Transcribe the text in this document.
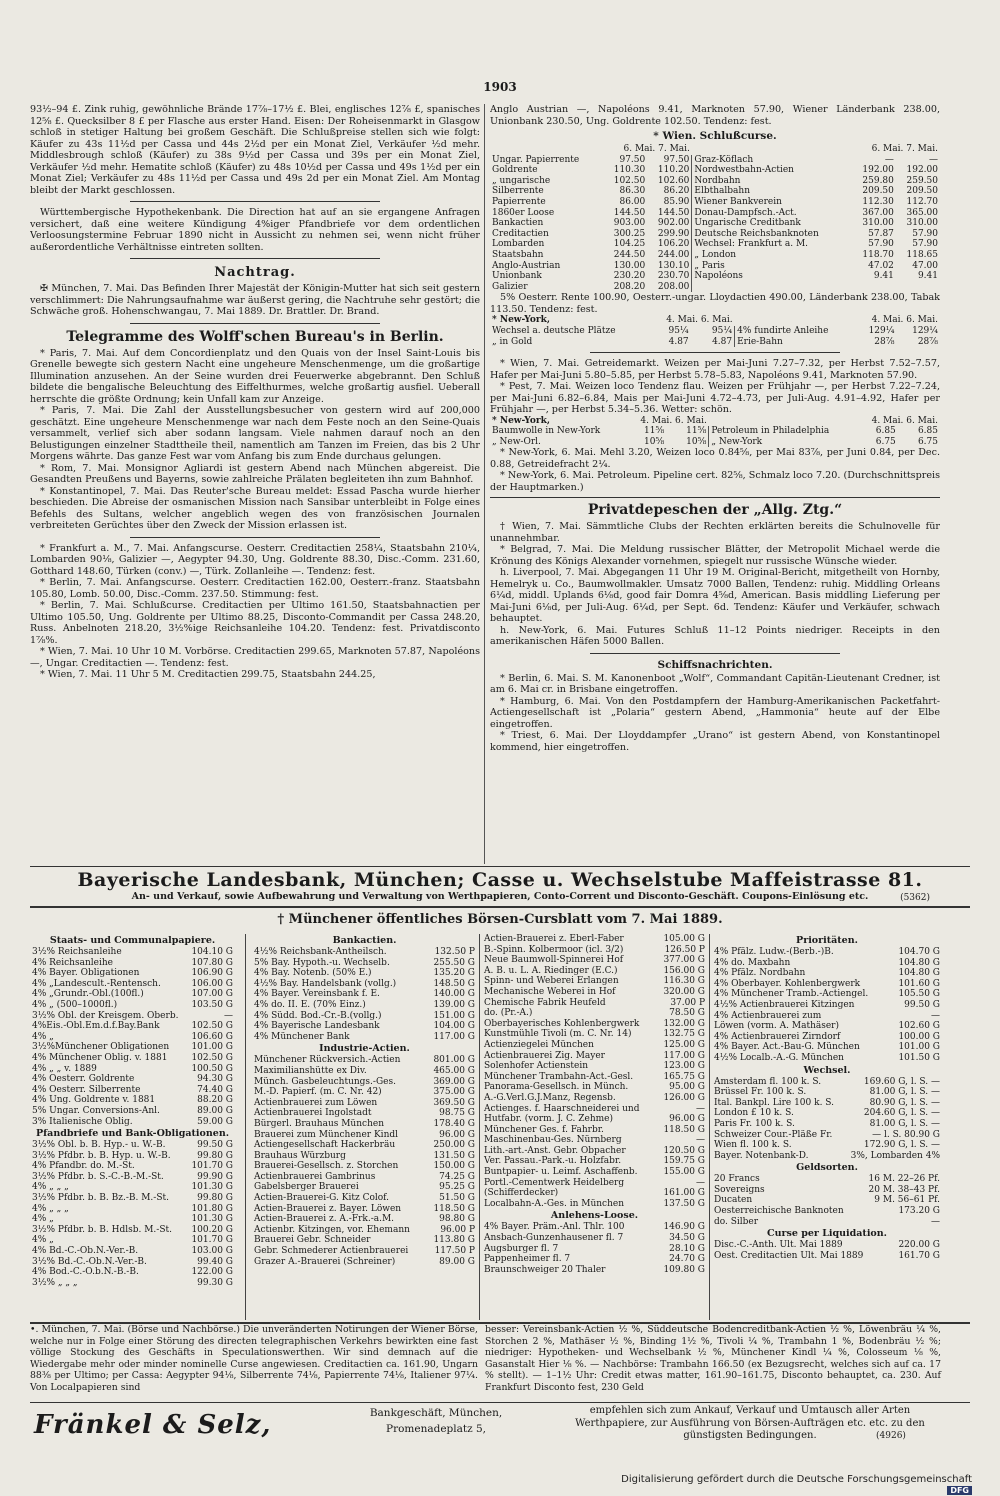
1903

93½–94 £. Zink ruhig, gewöhnliche Brände 17⅞–17½ £. Blei, englisches 12⅞ £, spanisches 12⅝ £. Quecksilber 8 £ per Flasche aus erster Hand. Eisen: Der Roheisenmarkt in Glasgow schloß in stetiger Haltung bei großem Geschäft. Die Schlußpreise stellen sich wie folgt: Käufer zu 43s 11½d per Cassa und 44s 2½d per ein Monat Ziel, Verkäufer ½d mehr. Middlesbrough schloß (Käufer) zu 38s 9½d per Cassa und 39s per ein Monat Ziel, Verkäufer ½d mehr. Hematite schloß (Käufer) zu 48s 10½d per Cassa und 49s 1½d per ein Monat Ziel; Verkäufer zu 48s 11½d per Cassa und 49s 2d per ein Monat Ziel. Am Montag bleibt der Markt geschlossen.

Württembergische Hypothekenbank. Die Direction hat auf an sie ergangene Anfragen versichert, daß eine weitere Kündigung 4%iger Pfandbriefe vor dem ordentlichen Verloosungstermine Februar 1890 nicht in Aussicht zu nehmen sei, wenn nicht früher außerordentliche Verhältnisse eintreten sollten.

Nachtrag.

✠ München, 7. Mai. Das Befinden Ihrer Majestät der Königin-Mutter hat sich seit gestern verschlimmert: Die Nahrungsaufnahme war äußerst gering, die Nachtruhe sehr gestört; die Schwäche groß. Hohenschwangau, 7. Mai 1889. Dr. Brattler. Dr. Brand.

Telegramme des Wolff'schen Bureau's in Berlin.

* Paris, 7. Mai. Auf dem Concordienplatz und den Quais von der Insel Saint-Louis bis Grenelle bewegte sich gestern Nacht eine ungeheure Menschenmenge, um die großartige Illumination anzusehen. An der Seine wurden drei Feuerwerke abgebrannt. Den Schluß bildete die bengalische Beleuchtung des Eiffelthurmes, welche großartig ausfiel. Ueberall herrschte die größte Ordnung; kein Unfall kam zur Anzeige.

* Paris, 7. Mai. Die Zahl der Ausstellungsbesucher von gestern wird auf 200,000 geschätzt. Eine ungeheure Menschenmenge war nach dem Feste noch an den Seine-Quais versammelt, verlief sich aber sodann langsam. Viele nahmen darauf noch an den Belustigungen einzelner Stadttheile theil, namentlich am Tanzen im Freien, das bis 2 Uhr Morgens währte. Das ganze Fest war vom Anfang bis zum Ende durchaus gelungen.

* Rom, 7. Mai. Monsignor Agliardi ist gestern Abend nach München abgereist. Die Gesandten Preußens und Bayerns, sowie zahlreiche Prälaten begleiteten ihn zum Bahnhof.

* Konstantinopel, 7. Mai. Das Reuter'sche Bureau meldet: Essad Pascha wurde hierher beschieden. Die Abreise der osmanischen Mission nach Sansibar unterbleibt in Folge eines Befehls des Sultans, welcher angeblich wegen des von französischen Journalen verbreiteten Gerüchtes über den Zweck der Mission erlassen ist.

* Frankfurt a. M., 7. Mai. Anfangscurse. Oesterr. Creditactien 258¼, Staatsbahn 210¼, Lombarden 90⅛, Galizier —, Aegypter 94.30, Ung. Goldrente 88.30, Disc.-Comm. 231.60, Gotthard 148.60, Türken (conv.) —, Türk. Zollanleihe —. Tendenz: fest.

* Berlin, 7. Mai. Anfangscurse. Oesterr. Creditactien 162.00, Oesterr.-franz. Staatsbahn 105.80, Lomb. 50.00, Disc.-Comm. 237.50. Stimmung: fest.

* Berlin, 7. Mai. Schlußcurse. Creditactien per Ultimo 161.50, Staatsbahnactien per Ultimo 105.50, Ung. Goldrente per Ultimo 88.25, Disconto-Commandit per Cassa 248.20, Russ. Anbelnoten 218.20, 3½%ige Reichsanleihe 104.20. Tendenz: fest. Privatdisconto 1⅞%.

* Wien, 7. Mai. 10 Uhr 10 M. Vorbörse. Creditactien 299.65, Marknoten 57.87, Napoléons —, Ungar. Creditactien —. Tendenz: fest.

* Wien, 7. Mai. 11 Uhr 5 M. Creditactien 299.75, Staatsbahn 244.25,

Anglo Austrian —, Napoléons 9.41, Marknoten 57.90, Wiener Länderbank 238.00, Unionbank 230.50, Ung. Goldrente 102.50. Tendenz: fest.

* Wien. Schlußcurse.
	6. Mai. 7. Mai.			6. Mai. 7. Mai.	
Ungar. Papierrente	97.50	97.50	Graz-Köflach	—	—
Goldrente	110.30	110.20	Nordwestbahn-Actien	192.00	192.00
„ ungarische	102.50	102.60	Nordbahn	259.80	259.50
Silberrente	86.30	86.20	Elbthalbahn	209.50	209.50
Papierrente	86.00	85.90	Wiener Bankverein	112.30	112.70
1860er Loose	144.50	144.50	Donau-Dampfsch.-Act.	367.00	365.00
Bankactien	903.00	902.00	Ungarische Creditbank	310.00	310.00
Creditactien	300.25	299.90	Deutsche Reichsbanknoten	57.87	57.90
Lombarden	104.25	106.20	Wechsel: Frankfurt a. M.	57.90	57.90
Staatsbahn	244.50	244.00	„ London	118.70	118.65
Anglo-Austrian	130.00	130.10	„ Paris	47.02	47.00
Unionbank	230.20	230.70	Napoléons	9.41	9.41
Galizier	208.20	208.00			

5% Oesterr. Rente 100.90, Oesterr.-ungar. Lloydactien 490.00, Länderbank 238.00, Tabak 113.50. Tendenz: fest.

* New-York,	4. Mai. 6. Mai.			4. Mai. 6. Mai.	
Wechsel a. deutsche Plätze	95¼	95¼	4% fundirte Anleihe	129¼	129¼
„ in Gold	4.87	4.87	Erie-Bahn	28⅞	28⅞

* Wien, 7. Mai. Getreidemarkt. Weizen per Mai-Juni 7.27–7.32, per Herbst 7.52–7.57, Hafer per Mai-Juni 5.80–5.85, per Herbst 5.78–5.83, Napoléons 9.41, Marknoten 57.90.

* Pest, 7. Mai. Weizen loco Tendenz flau. Weizen per Frühjahr —, per Herbst 7.22–7.24, per Mai-Juni 6.82–6.84, Mais per Mai-Juni 4.72–4.73, per Juli-Aug. 4.91–4.92, Hafer per Frühjahr —, per Herbst 5.34–5.36. Wetter: schön.

* New-York,	4. Mai. 6. Mai.			4. Mai. 6. Mai.	
Baumwolle in New-York	11⅝	11⅝	Petroleum in Philadelphia	6.85	6.85
„ New-Orl.	10⅝	10⅝	„ New-York	6.75	6.75

* New-York, 6. Mai. Mehl 3.20, Weizen loco 0.84⅝, per Mai 83⅞, per Juni 0.84, per Dec. 0.88, Getreidefracht 2¼.

* New-York, 6. Mai. Petroleum. Pipeline cert. 82⅝, Schmalz loco 7.20. (Durchschnittspreis der Hauptmarken.)

Privatdepeschen der „Allg. Ztg.“

† Wien, 7. Mai. Sämmtliche Clubs der Rechten erklärten bereits die Schulnovelle für unannehmbar.

* Belgrad, 7. Mai. Die Meldung russischer Blätter, der Metropolit Michael werde die Krönung des Königs Alexander vornehmen, spiegelt nur russische Wünsche wieder.

h. Liverpool, 7. Mai. Abgegangen 11 Uhr 19 M. Original-Bericht, mitgetheilt von Hornby, Hemelryk u. Co., Baumwollmakler. Umsatz 7000 Ballen, Tendenz: ruhig. Middling Orleans 6¼d, middl. Uplands 6⅛d, good fair Domra 4⅝d, American. Basis middling Lieferung per Mai-Juni 6⅛d, per Juli-Aug. 6¼d, per Sept. 6d. Tendenz: Käufer und Verkäufer, schwach behauptet.

h. New-York, 6. Mai. Futures Schluß 11–12 Points niedriger. Receipts in den amerikanischen Häfen 5000 Ballen.

Schiffsnachrichten.

* Berlin, 6. Mai. S. M. Kanonenboot „Wolf“, Commandant Capitän-Lieutenant Credner, ist am 6. Mai cr. in Brisbane eingetroffen.

* Hamburg, 6. Mai. Von den Postdampfern der Hamburg-Amerikanischen Packetfahrt-Actiengesellschaft ist „Polaria“ gestern Abend, „Hammonia“ heute auf der Elbe eingetroffen.

* Triest, 6. Mai. Der Lloyddampfer „Urano“ ist gestern Abend, von Konstantinopel kommend, hier eingetroffen.

Bayerische Landesbank, München; Casse u. Wechselstube Maffeistrasse 81.
An- und Verkauf, sowie Aufbewahrung und Verwaltung von Werthpapieren, Conto-Corrent und Disconto-Geschäft. Coupons-Einlösung etc.	(5362)
† Münchener öffentliches Börsen-Cursblatt vom 7. Mai 1889.
Staats- und Communalpapiere.
3½% Reichsanleihe	104.10 G
4% Reichsanleihe	107.80 G
4% Bayer. Obligationen	106.90 G
4% „Landescult.-Rentensch.	106.00 G
4% „Grundr.-Obl.(100fl.)	107.00 G
4% „ (500–1000fl.)	103.50 G
3½% Obl. der Kreisgem. Oberb.	—
4%Eis.-Obl.Em.d.f.Bay.Bank	102.50 G
4% „	106.60 G
3½%Münchener Obligationen	101.00 G
4% Münchener Oblig. v. 1881	102.50 G
4% „ „ v. 1889	100.50 G
4% Oesterr. Goldrente	94.30 G
4% Oesterr. Silberrente	74.40 G
4% Ung. Goldrente v. 1881	88.20 G
5% Ungar. Conversions-Anl.	89.00 G
3% Italienische Oblig.	59.00 G
Pfandbriefe und Bank-Obligationen.
3½% Obl. b. B. Hyp.- u. W.-B.	99.50 G
3½% Pfdbr. b. B. Hyp. u. W.-B.	99.80 G
4% Pfandbr. do. M.-St.	101.70 G
3½% Pfdbr. b. S.-C.-B.-M.-St.	99.90 G
4% „ „ „	101.30 G
3½% Pfdbr. b. B. Bz.-B. M.-St.	99.80 G
4% „ „ „	101.80 G
4% „	101.30 G
3½% Pfdbr. b. B. Hdlsb. M.-St.	100.20 G
4% „	101.70 G
4% Bd.-C.-Ob.N.-Ver.-B.	103.00 G
3½% Bd.-C.-Ob.N.-Ver.-B.	99.40 G
4% Bod.-C.-O.b.N.-B.-B.	122.00 G
3½% „ „ „	99.30 G
Bankactien.
4½% Reichsbank-Antheilsch.	132.50 P
5% Bay. Hypoth.-u. Wechselb.	255.50 G
4% Bay. Notenb. (50% E.)	135.20 G
4½% Bay. Handelsbank (vollg.)	148.50 G
4% Bayer. Vereinsbank f. E.	140.00 G
4% do. II. E. (70% Einz.)	139.00 G
4% Südd. Bod.-Cr.-B.(vollg.)	151.00 G
4% Bayerische Landesbank	104.00 G
4% Münchener Bank	117.00 G
Industrie-Actien.
Münchener Rückversich.-Actien	801.00 G
Maximilianshütte ex Div.	465.00 G
Münch. Gasbeleuchtungs.-Ges.	369.00 G
M.-D. Papierf. (m. C. Nr. 42)	375.00 G
Actienbrauerei zum Löwen	369.50 G
Actienbrauerei Ingolstadt	98.75 G
Bürgerl. Brauhaus München	178.40 G
Brauerei zum Münchener Kindl	96.00 G
Actiengesellschaft Hackerbräu	250.00 G
Brauhaus Würzburg	131.50 G
Brauerei-Gesellsch. z. Storchen	150.00 G
Actienbrauerei Gambrinus	74.25 G
Gabelsberger Brauerei	95.25 G
Actien-Brauerei-G. Kitz Colof.	51.50 G
Actien-Brauerei z. Bayer. Löwen	118.50 G
Actien-Brauerei z. A.-Frk.-a.M.	98.80 G
Actienbr. Kitzingen, vor. Ehemann	96.00 P
Brauerei Gebr. Schneider	113.80 G
Gebr. Schmederer Actienbrauerei	117.50 P
Grazer A.-Brauerei (Schreiner)	89.00 G
Actien-Brauerei z. Eberl-Faber	105.00 G
B.-Spinn. Kolbermoor (icl. 3/2)	126.50 P
Neue Baumwoll-Spinnerei Hof	377.00 G
A. B. u. L. A. Riedinger (E.C.)	156.00 G
Spinn- und Weberei Erlangen	116.30 G
Mechanische Weberei in Hof	320.00 G
Chemische Fabrik Heufeld	37.00 P
do. (Pr.-A.)	78.50 G
Oberbayerisches Kohlenbergwerk	132.00 G
Kunstmühle Tivoli (m. C. Nr. 14)	132.75 G
Actienziegelei München	125.00 G
Actienbrauerei Zig. Mayer	117.00 G
Solenhofer Actienstein	123.00 G
Münchener Trambahn-Act.-Gesl.	165.75 G
Panorama-Gesellsch. in Münch.	95.00 G
A.-G.Verl.G.J.Manz, Regensb.	126.00 G
Actienges. f. Haarschneiderei und	—
Hutfabr. (vorm. J. C. Zehme)	96.00 G
Münchener Ges. f. Fahrbr.	118.50 G
Maschinenbau-Ges. Nürnberg	—
Lith.-art.-Anst. Gebr. Obpacher	120.50 G
Ver. Passau.-Park.-u. Holzfabr.	159.75 G
Buntpapier- u. Leimf. Aschaffenb.	155.00 G
Portl.-Cementwerk Heidelberg	—
(Schifferdecker)	161.00 G
Localbahn-A.-Ges. in München	137.50 G
Anlehens-Loose.
4% Bayer. Präm.-Anl. Thlr. 100	146.90 G
Ansbach-Gunzenhausener fl. 7	34.50 G
Augsburger fl. 7	28.10 G
Pappenheimer fl. 7	24.70 G
Braunschweiger 20 Thaler	109.80 G
Prioritäten.
4% Pfälz. Ludw.-(Berb.-)B.	104.70 G
4% do. Maxbahn	104.80 G
4% Pfälz. Nordbahn	104.80 G
4% Oberbayer. Kohlenbergwerk	101.60 G
4% Münchener Tramb.-Actiengel.	105.50 G
4½% Actienbrauerei Kitzingen	99.50 G
4% Actienbrauerei zum	—
Löwen (vorm. A. Mathäser)	102.60 G
4% Actienbrauerei Zirndorf	100.00 G
4% Bayer. Act.-Bau-G. München	101.00 G
4½% Localb.-A.-G. München	101.50 G
Wechsel.
Amsterdam fl. 100 k. S.	169.60 G, l. S. —
Brüssel Fr. 100 k. S.	81.00 G, l. S. —
Ital. Bankpl. Lire 100 k. S.	80.90 G, l. S. —
London £ 10 k. S.	204.60 G, l. S. —
Paris Fr. 100 k. S.	81.00 G, l. S. —
Schweizer Cour.-Pläße Fr.	— l. S. 80.90 G
Wien fl. 100 k. S.	172.90 G, l. S. —
Bayer. Notenbank-D.	3%, Lombarden 4%
Geldsorten.
20 Francs	16 M. 22–26 Pf.
Sovereigns	20 M. 38–43 Pf.
Ducaten	9 M. 56–61 Pf.
Oesterreichische Banknoten	173.20 G
do. Silber	—
Curse per Liquidation.
Disc.-C.-Anth. Ult. Mai 1889	220.00 G
Oest. Creditactien Ult. Mai 1889	161.70 G

•. München, 7. Mai. (Börse und Nachbörse.) Die unveränderten Notirungen der Wiener Börse, welche nur in Folge einer Störung des directen telegraphischen Verkehrs bewirkten eine fast völlige Stockung des Geschäfts in Speculationswerthen. Wir sind demnach auf die Wiedergabe mehr oder minder nominelle Curse angewiesen. Creditactien ca. 161.90, Ungarn 88⅜ per Ultimo; per Cassa: Aegypter 94⅛, Silberrente 74⅛, Papierrente 74⅛, Italiener 97¼. Von Localpapieren sind

besser: Vereinsbank-Actien ½ %, Süddeutsche Bodencreditbank-Actien ½ %, Löwenbräu ¼ %, Storchen 2 %, Mathäser ½ %, Binding 1½ %, Tivoli ¼ %, Trambahn 1 %, Bodenbräu ½ %; niedriger: Hypotheken- und Wechselbank ½ %, Münchener Kindl ¼ %, Colosseum ⅛ %, Gasanstalt Hier ⅛ %. — Nachbörse: Trambahn 166.50 (ex Bezugsrecht, welches sich auf ca. 17 % stellt). — 1–1½ Uhr: Credit etwas matter, 161.90–161.75, Disconto behauptet, ca. 230. Auf Frankfurt Disconto fest, 230 Geld

Fränkel & Selz,	Bankgeschäft, München,
Promenadeplatz 5,
empfehlen sich zum Ankauf, Verkauf und Umtausch aller Arten Werthpapiere, zur Ausführung von Börsen-Aufträgen etc. etc. zu den günstigsten Bedingungen.	(4926)
Digitalisierung gefördert durch die Deutsche ForschungsgemeinschaftDFG
